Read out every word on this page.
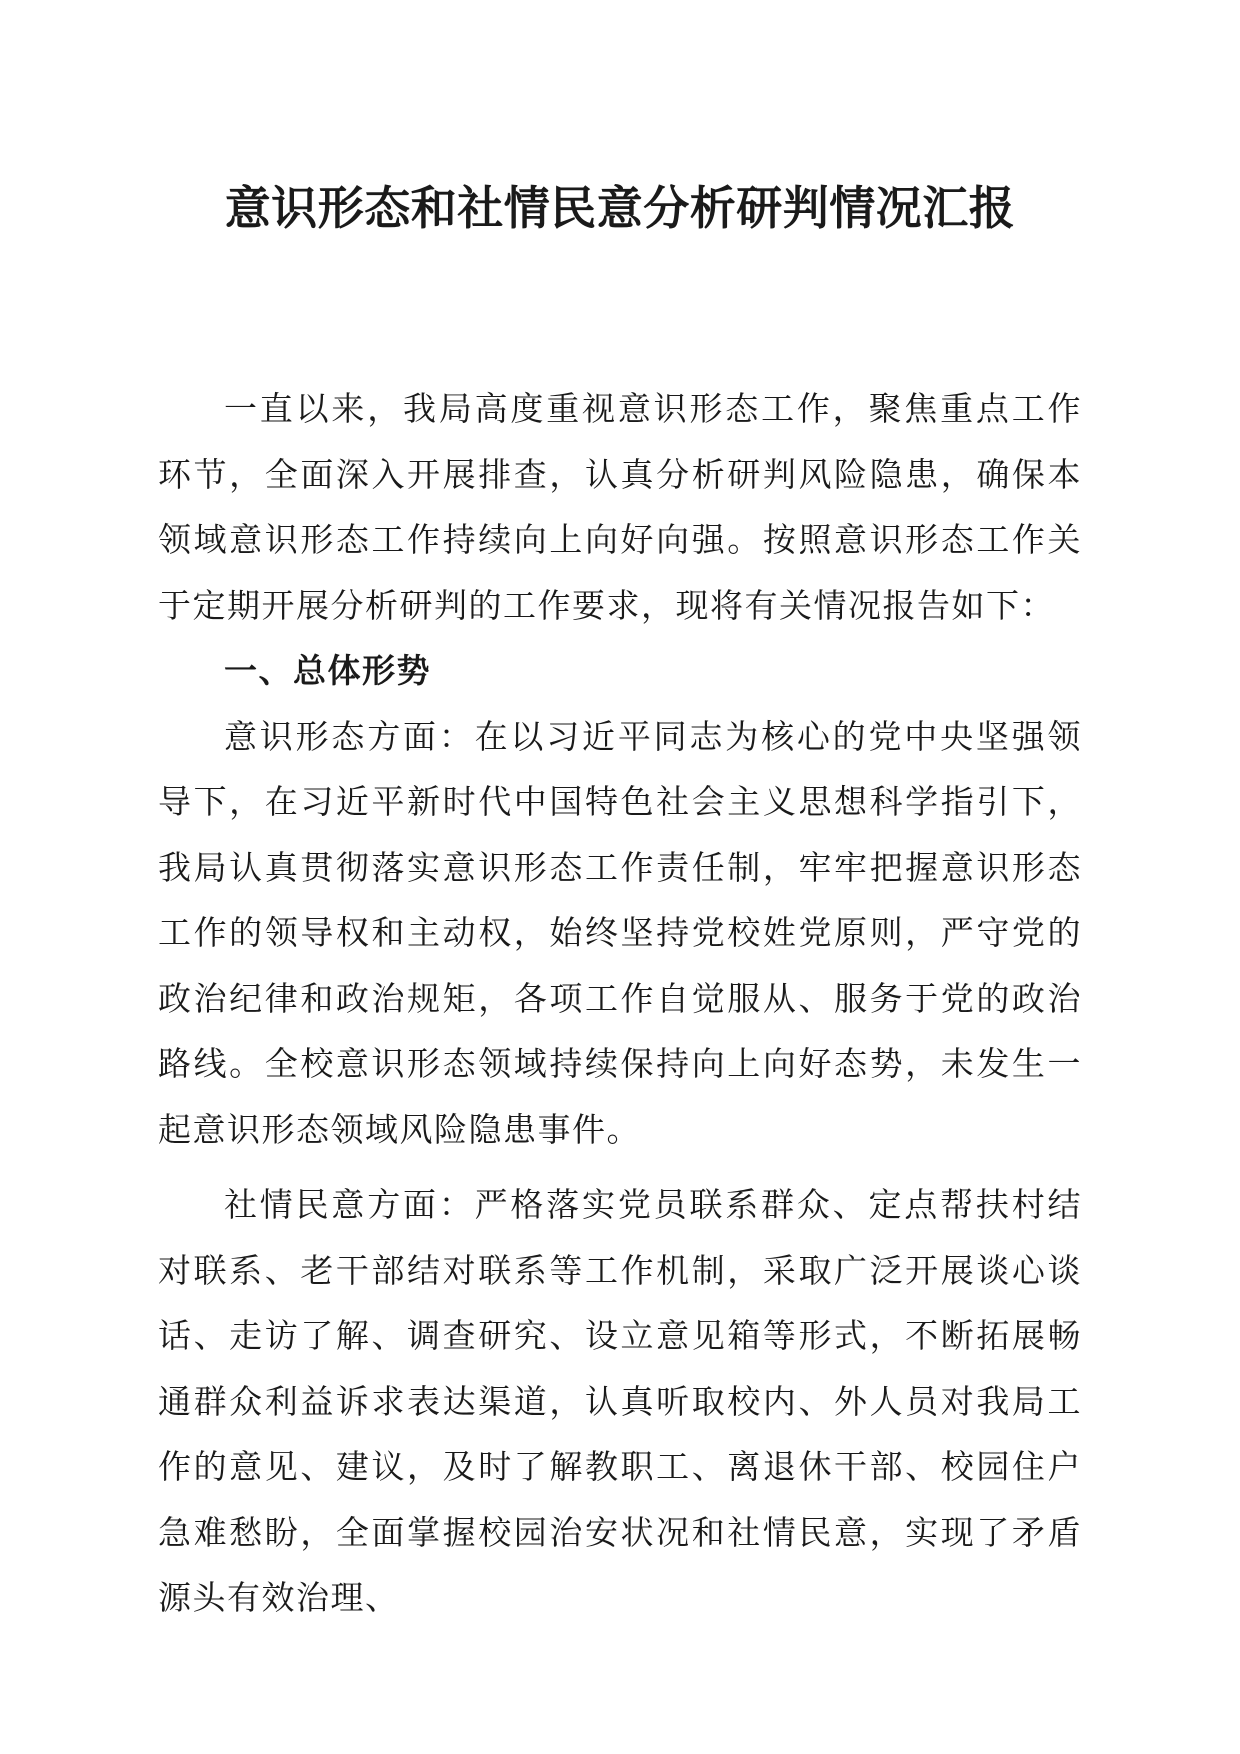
意识形态和社情民意分析研判情况汇报

一直以来，我局高度重视意识形态工作，聚焦重点工作环节，全面深入开展排查，认真分析研判风险隐患，确保本领域意识形态工作持续向上向好向强。按照意识形态工作关于定期开展分析研判的工作要求，现将有关情况报告如下：

一、总体形势

意识形态方面：在以习近平同志为核心的党中央坚强领导下，在习近平新时代中国特色社会主义思想科学指引下，我局认真贯彻落实意识形态工作责任制，牢牢把握意识形态工作的领导权和主动权，始终坚持党校姓党原则，严守党的政治纪律和政治规矩，各项工作自觉服从、服务于党的政治路线。全校意识形态领域持续保持向上向好态势，未发生一起意识形态领域风险隐患事件。

社情民意方面：严格落实党员联系群众、定点帮扶村结对联系、老干部结对联系等工作机制，采取广泛开展谈心谈话、走访了解、调查研究、设立意见箱等形式，不断拓展畅通群众利益诉求表达渠道，认真听取校内、外人员对我局工作的意见、建议，及时了解教职工、离退休干部、校园住户急难愁盼，全面掌握校园治安状况和社情民意，实现了矛盾源头有效治理、
